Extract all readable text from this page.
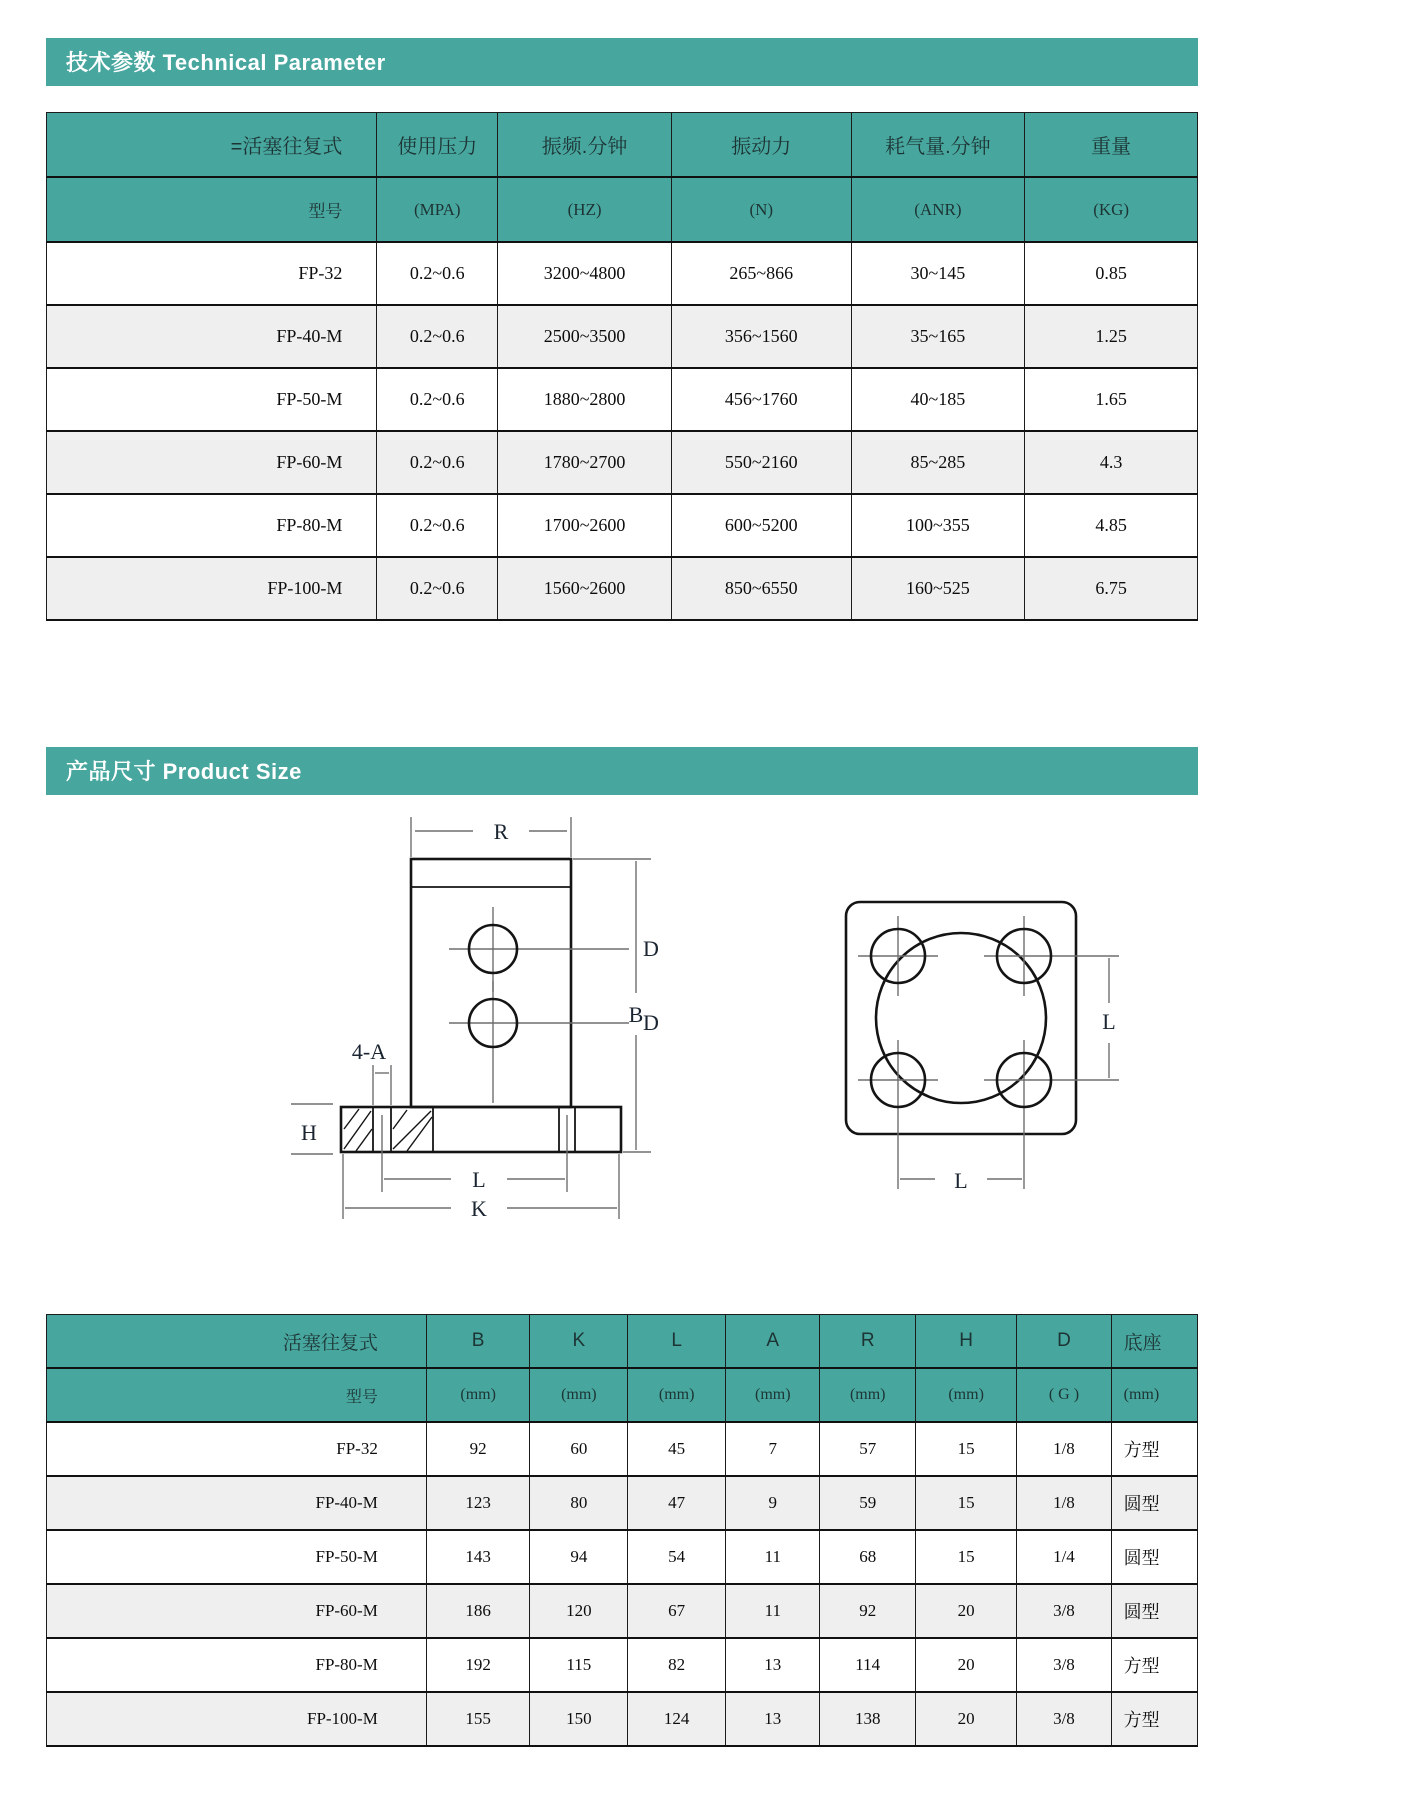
技术参数 Technical Parameter
=活塞往复式	使用压力	振频.分钟	振动力	耗气量.分钟	重量
型号	(MPA)	(HZ)	(N)	(ANR)	(KG)
FP-32	0.2~0.6	3200~4800	265~866	30~145	0.85
FP-40-M	0.2~0.6	2500~3500	356~1560	35~165	1.25
FP-50-M	0.2~0.6	1880~2800	456~1760	40~185	1.65
FP-60-M	0.2~0.6	1780~2700	550~2160	85~285	4.3
FP-80-M	0.2~0.6	1700~2600	600~5200	100~355	4.85
FP-100-M	0.2~0.6	1560~2600	850~6550	160~525	6.75
产品尺寸 Product Size
R
D
D
B
4-A
H
L
K
L
L
活塞往复式	B	K	L	A	R	H	D	底座
型号	(mm)	(mm)	(mm)	(mm)	(mm)	(mm)	( G )	(mm)
FP-32	92	60	45	7	57	15	1/8	方型
FP-40-M	123	80	47	9	59	15	1/8	圆型
FP-50-M	143	94	54	11	68	15	1/4	圆型
FP-60-M	186	120	67	11	92	20	3/8	圆型
FP-80-M	192	115	82	13	114	20	3/8	方型
FP-100-M	155	150	124	13	138	20	3/8	方型
